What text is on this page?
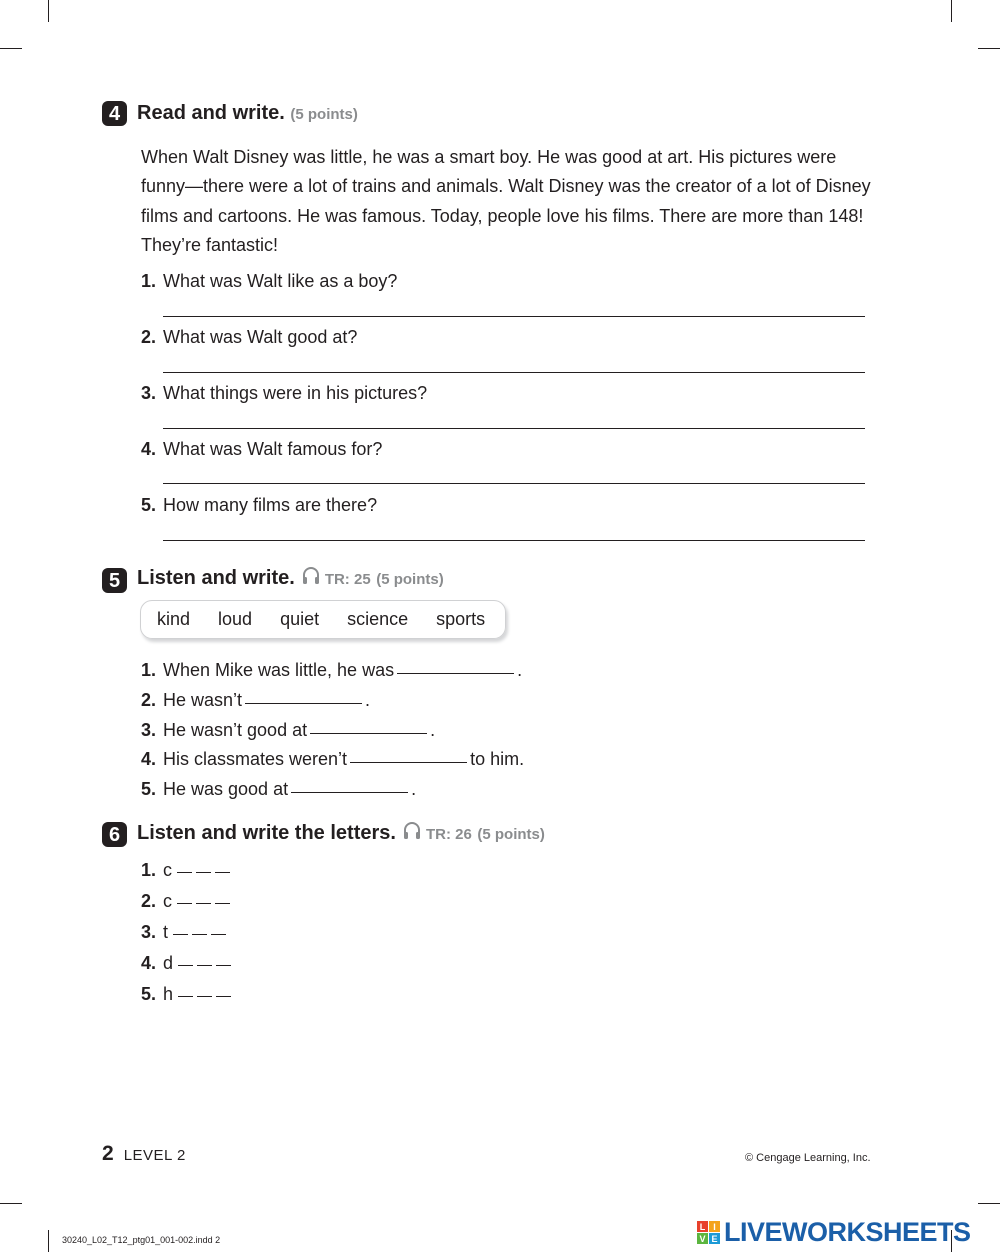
4 Read and write. (5 points)
When Walt Disney was little, he was a smart boy. He was good at art. His pictures were funny—there were a lot of trains and animals. Walt Disney was the creator of a lot of Disney films and cartoons. He was famous. Today, people love his films. There are more than 148! They’re fantastic!
1. What was Walt like as a boy?
2. What was Walt good at?
3. What things were in his pictures?
4. What was Walt famous for?
5. How many films are there?
5 Listen and write. TR: 25 (5 points)
kind loud quiet science sports
1. When Mike was little, he was	.
2. He wasn’t	.
3. He wasn’t good at	.
4. His classmates weren’t	to him.
5. He was good at	.
6 Listen and write the letters. TR: 26 (5 points)
1. c
2. c
3. t
4. d
5. h
2 LEVEL 2	© Cengage Learning, Inc.
30240_L02_T12_ptg01_001-002.indd 2
L I
V E LIVEWORKSHEETS
